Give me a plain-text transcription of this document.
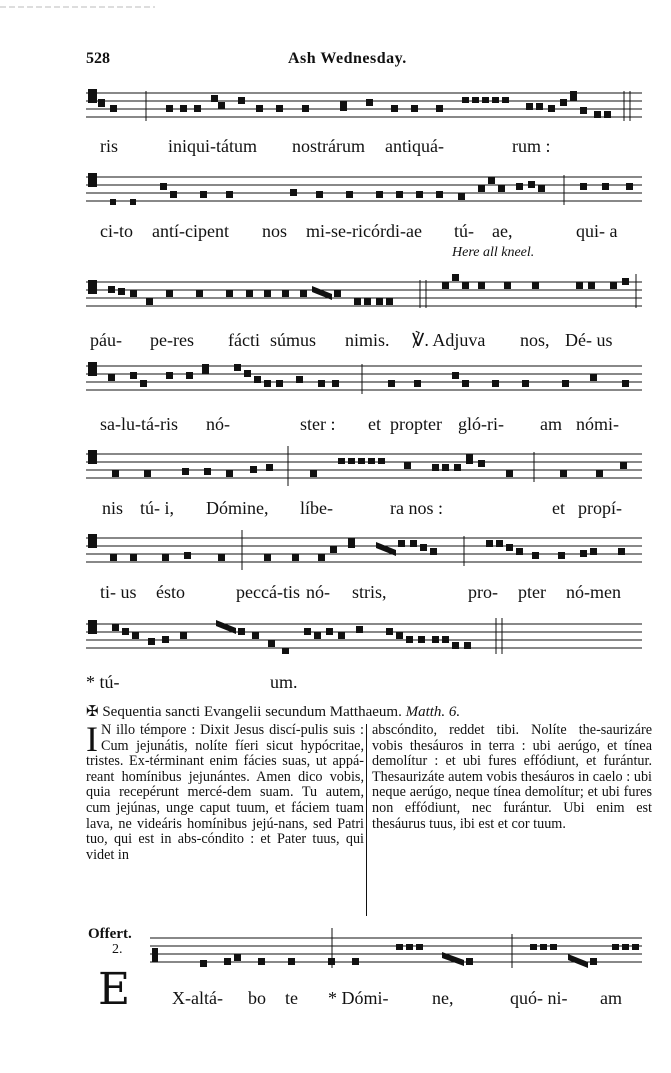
528	Ash Wednesday.
ris	iniqui-tátum nostrárum antiquá-	rum :
ci-to antí-cipent nos mi-se-ricórdi-ae tú- ae,	qui- a
Here all kneel.
páu- pe-res fácti súmus nimis. ℣. Adjuva nos, Dé- us
sa-lu-tá-ris nó-	ster : et propter gló-ri- am nómi-
nis tú- i, Dómine, líbe-	ra nos :	et propí-
ti- us ésto	peccá-tis nó- stris,	pro- pter nó-men
* tú-	um.
✠ Sequentia sancti Evangelii secundum Matthaeum. Matth. 6.

I N illo témpore : Dixit Jesus discí-pulis suis : Cum jejunátis, nolíte fíeri sicut hypócritae, tristes. Ex-términant enim fácies suas, ut appá-reant homínibus jejunántes. Amen dico vobis, quia recepérunt mercé-dem suam. Tu autem, cum jejúnas, unge caput tuum, et fáciem tuam lava, ne videáris homínibus jejú-nans, sed Patri tuo, qui est in abs-cóndito : et Pater tuus, qui videt in

abscóndito, reddet tibi. Nolíte the-saurizáre vobis thesáuros in terra : ubi aerúgo, et tínea demolítur : et ubi fures effódiunt, et furántur. Thesaurizáte autem vobis thesáuros in caelo : ubi neque aerúgo, neque tínea demolítur; et ubi fures non effódiunt, nec furántur. Ubi enim est thesáurus tuus, ibi est et cor tuum.

Offert.
2.
E X-altá- bo te * Dómi- ne,	quó- ni- am
